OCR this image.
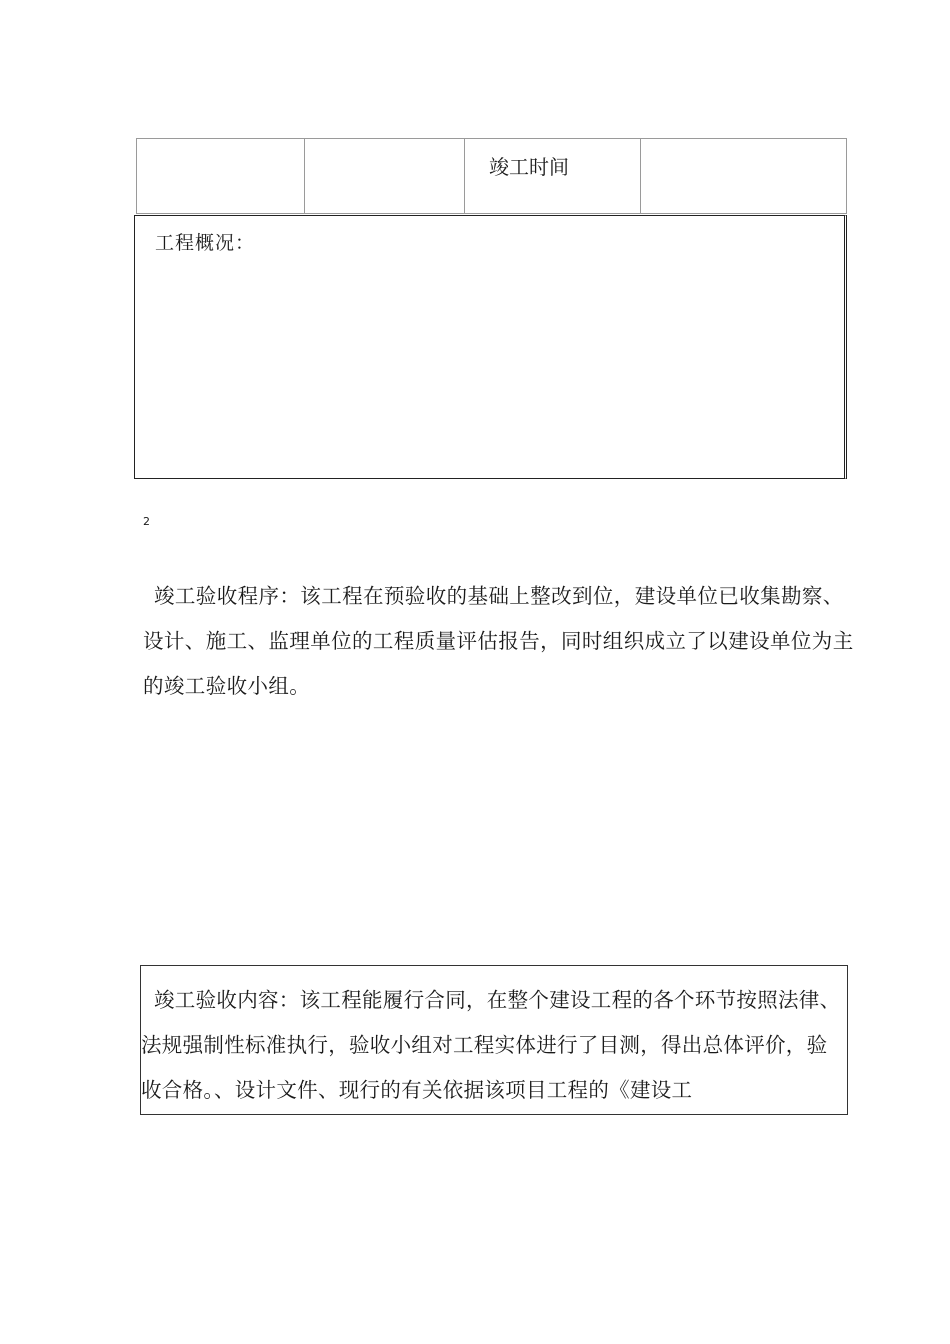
		竣工时间	
工程概况：
2

竣工验收程序：该工程在预验收的基础上整改到位，建设单位已收集勘察、设计、施工、监理单位的工程质量评估报告，同时组织成立了以建设单位为主的竣工验收小组。

竣工验收内容：该工程能履行合同，在整个建设工程的各个环节按照法律、法规强制性标准执行，验收小组对工程实体进行了目测，得出总体评价，验收合格。、设计文件、现行的有关依据该项目工程的《建设工
